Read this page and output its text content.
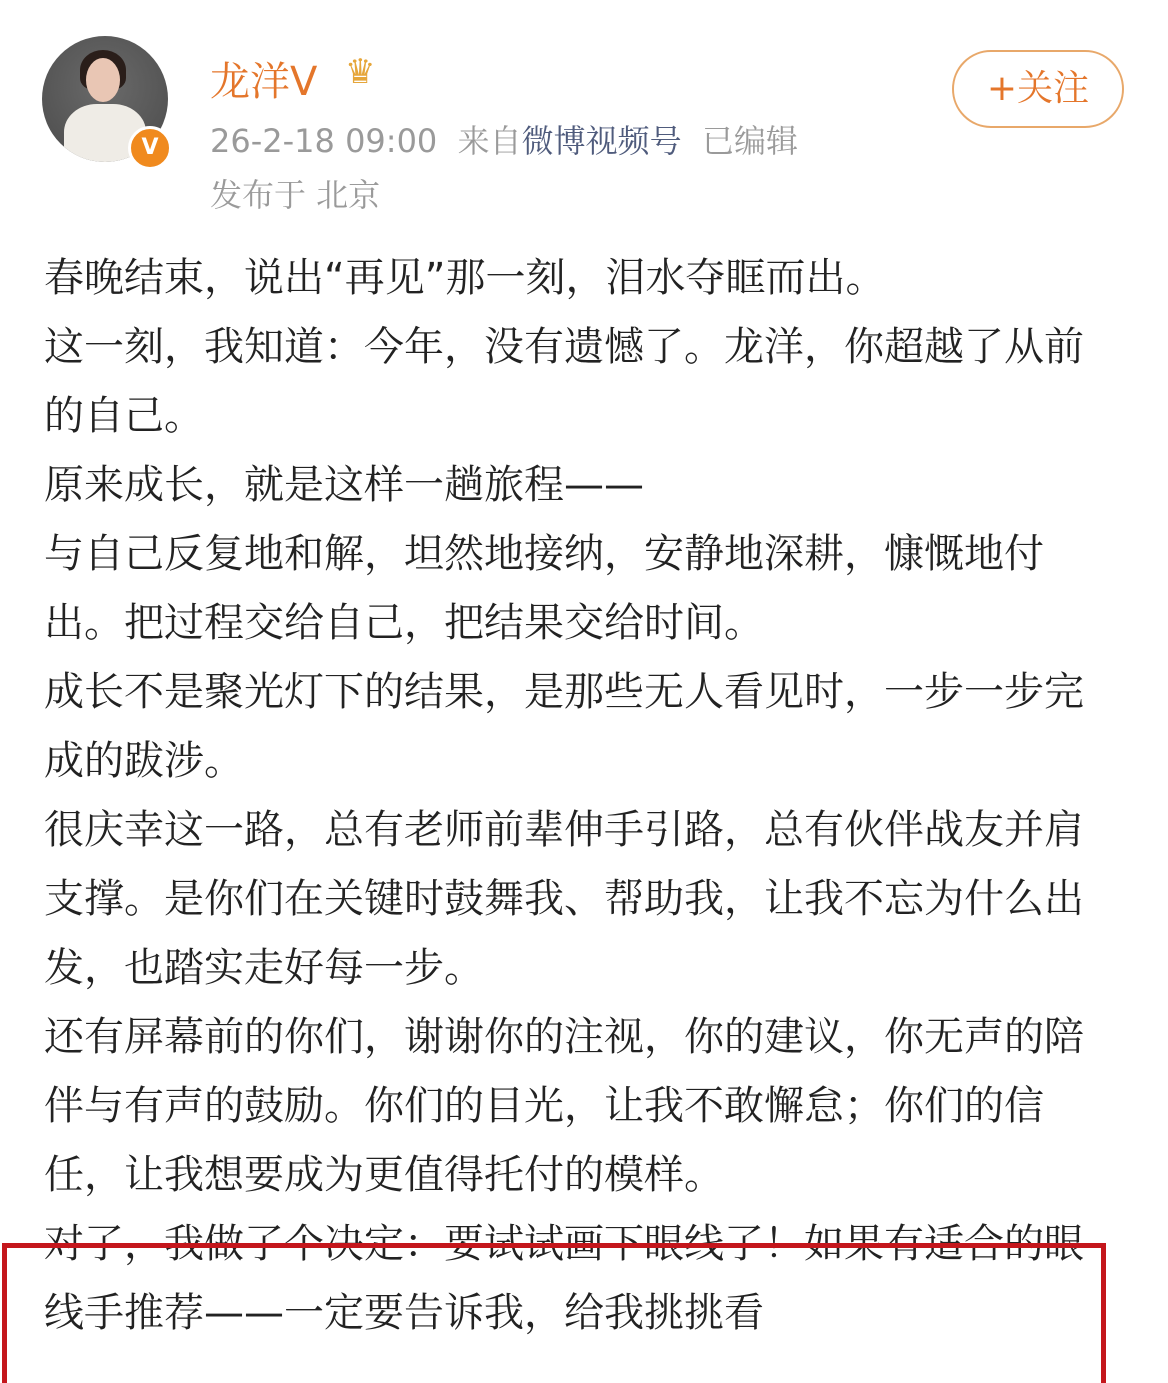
V
龙洋V ♛
26-2-18 09:00 来自微博视频号 已编辑
发布于 北京
+关注

春晚结束，说出“再见”那一刻，泪水夺眶而出。

这一刻，我知道：今年，没有遗憾了。龙洋，你超越了从前的自己。

原来成长，就是这样一趟旅程——

与自己反复地和解，坦然地接纳，安静地深耕，慷慨地付出。把过程交给自己，把结果交给时间。

成长不是聚光灯下的结果，是那些无人看见时，一步一步完成的跋涉。

很庆幸这一路，总有老师前辈伸手引路，总有伙伴战友并肩支撑。是你们在关键时鼓舞我、帮助我，让我不忘为什么出发，也踏实走好每一步。

还有屏幕前的你们，谢谢你的注视，你的建议，你无声的陪伴与有声的鼓励。你们的目光，让我不敢懈怠；你们的信任，让我想要成为更值得托付的模样。

对了，我做了个决定：要试试画下眼线了！如果有适合的眼线手推荐——一定要告诉我，给我挑挑看
